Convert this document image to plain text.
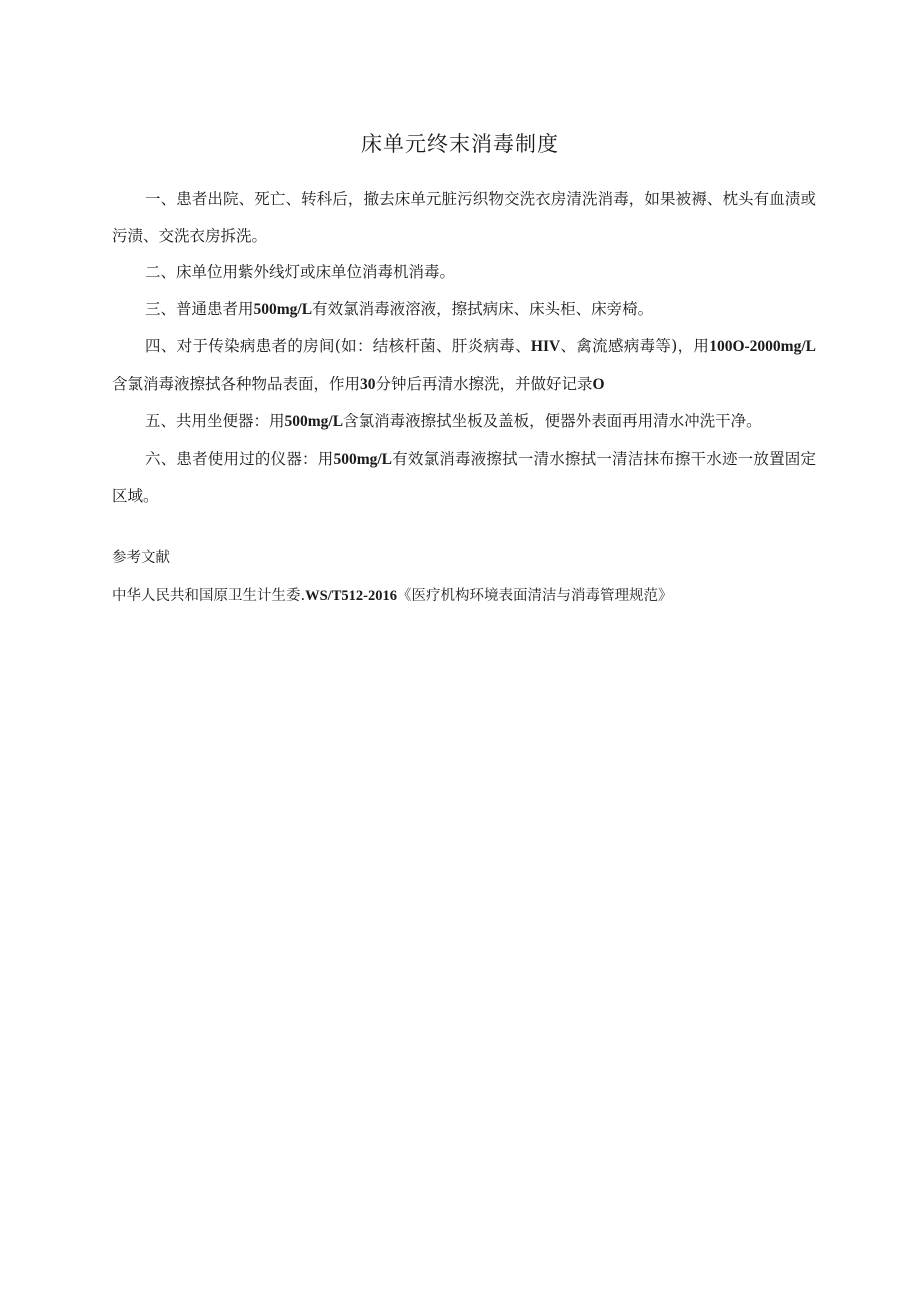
床单元终末消毒制度

一、患者出院、死亡、转科后，撤去床单元脏污织物交洗衣房清洗消毒，如果被褥、枕头有血渍或污渍、交洗衣房拆洗。

二、床单位用紫外线灯或床单位消毒机消毒。

三、普通患者用500mg/L有效氯消毒液溶液，擦拭病床、床头柜、床旁椅。

四、对于传染病患者的房间(如：结核杆菌、肝炎病毒、HIV、禽流感病毒等)，用100O-2000mg/L含氯消毒液擦拭各种物品表面，作用30分钟后再清水擦洗，并做好记录O

五、共用坐便器：用500mg/L含氯消毒液擦拭坐板及盖板，便器外表面再用清水冲洗干净。

六、患者使用过的仪器：用500mg/L有效氯消毒液擦拭一清水擦拭一清洁抹布擦干水迹一放置固定区域。

参考文献

中华人民共和国原卫生计生委.WS/T512-2016《医疗机构环境表面清洁与消毒管理规范》
